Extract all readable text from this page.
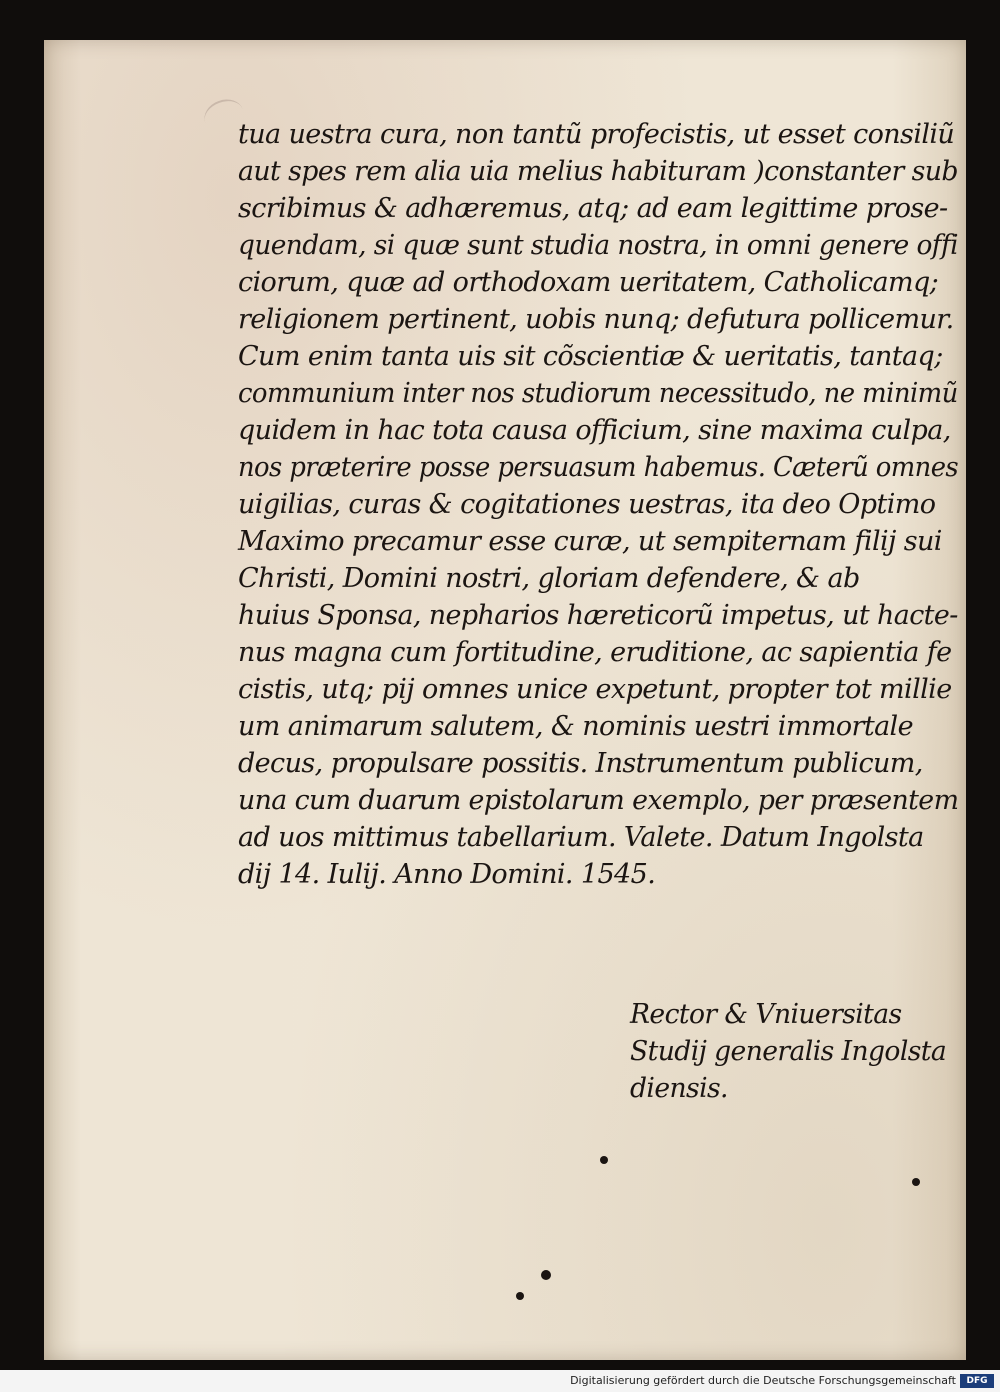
tua uestra cura, non tantũ profecistis, ut esset consiliũ
aut spes rem alia uia melius habituram )constanter sub
scribimus & adhæremus, atq; ad eam legittime prose-
quendam, si quæ sunt studia nostra, in omni genere offi
ciorum, quæ ad orthodoxam ueritatem, Catholicamq;
religionem pertinent, uobis nunq; defutura pollicemur.
Cum enim tanta uis sit cõscientiæ & ueritatis, tantaq;
communium inter nos studiorum necessitudo, ne minimũ
quidem in hac tota causa officium, sine maxima culpa,
nos præterire posse persuasum habemus. Cæterũ omnes
uigilias, curas & cogitationes uestras, ita deo Optimo
Maximo precamur esse curæ, ut sempiternam filij sui
Christi, Domini nostri, gloriam defendere, & ab
huius Sponsa, nepharios hæreticorũ impetus, ut hacte-
nus magna cum fortitudine, eruditione, ac sapientia fe
cistis, utq; pij omnes unice expetunt, propter tot millie
um animarum salutem, & nominis uestri immortale
decus, propulsare possitis. Instrumentum publicum,
una cum duarum epistolarum exemplo, per præsentem
ad uos mittimus tabellarium. Valete. Datum Ingolsta
dij 14. Iulij. Anno Domini. 1545.
Rector & Vniuersitas Studij generalis Ingolsta diensis.
Digitalisierung gefördert durch die Deutsche Forschungsgemeinschaft	DFG
